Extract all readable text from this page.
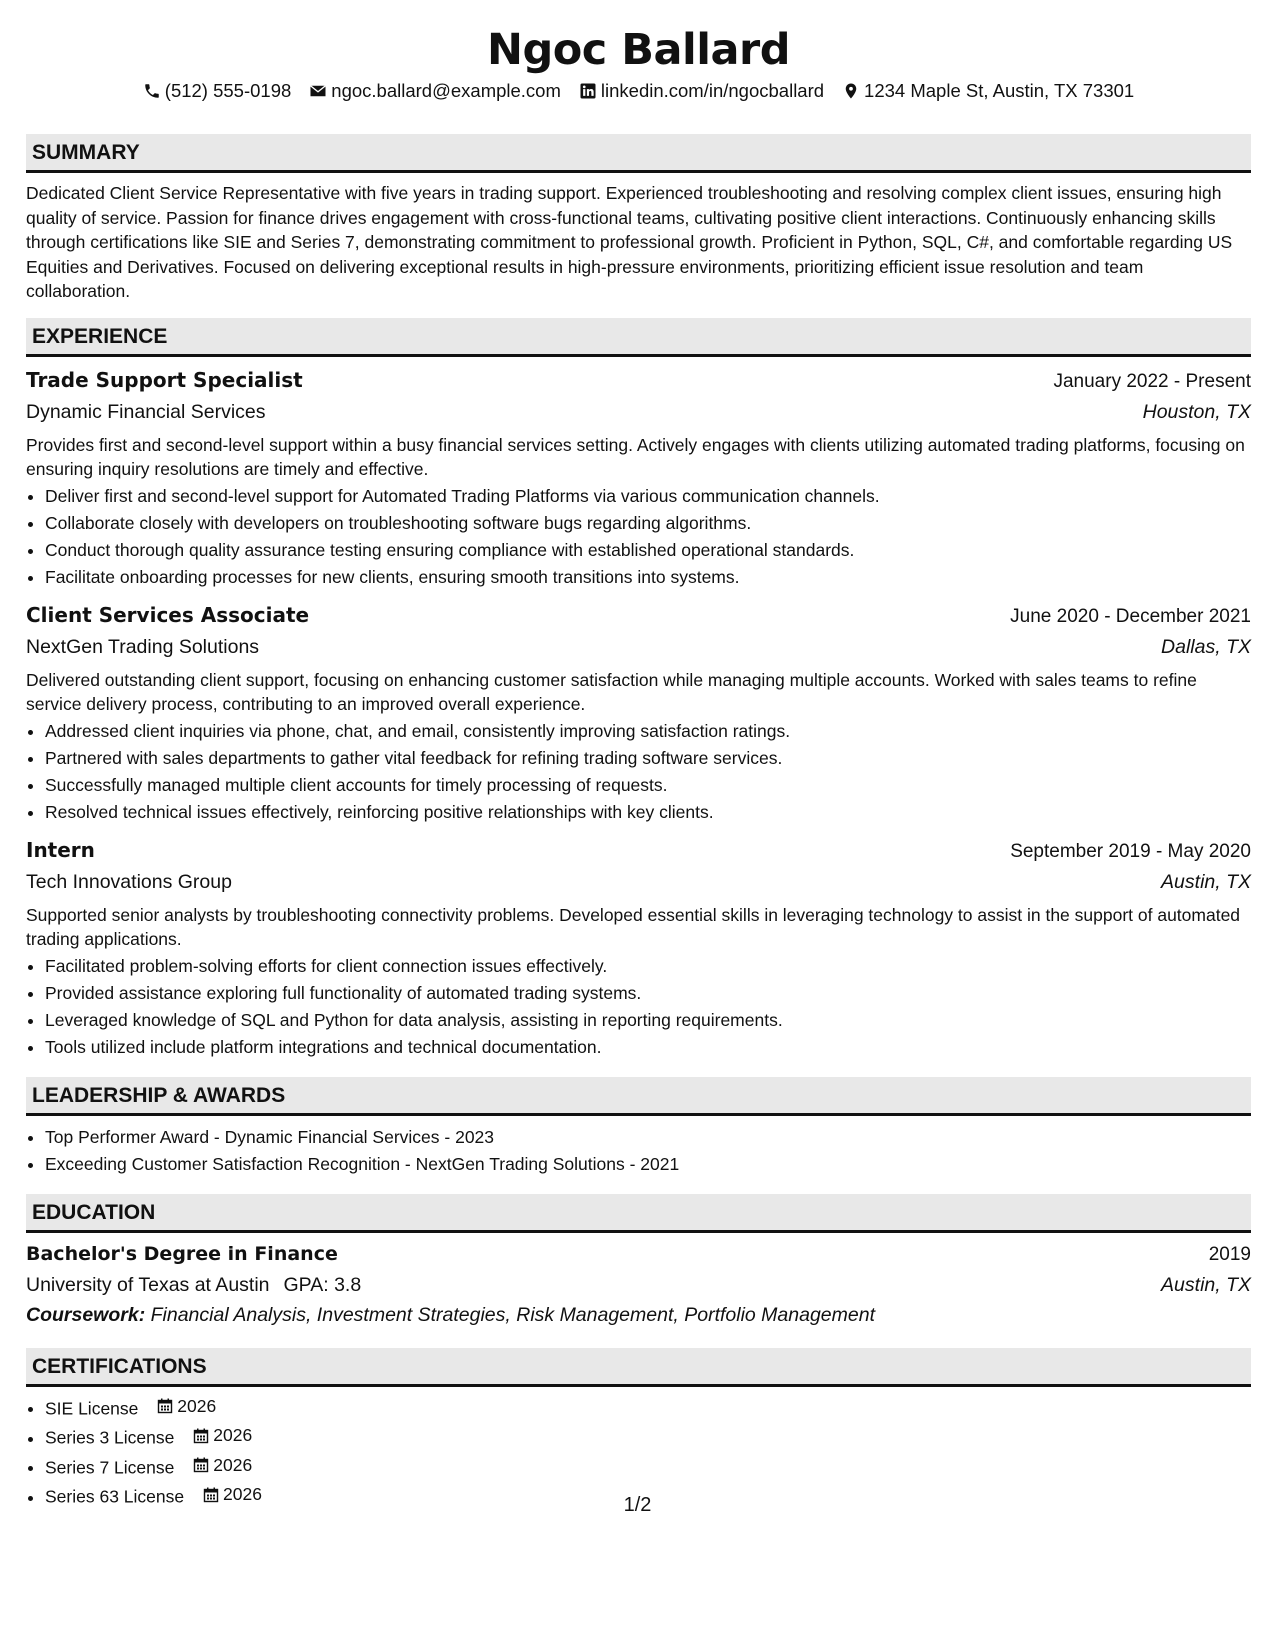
Ngoc Ballard
(512) 555-0198 ngoc.ballard@example.com linkedin.com/in/ngocballard 1234 Maple St, Austin, TX 73301
SUMMARY
Dedicated Client Service Representative with five years in trading support. Experienced troubleshooting and resolving complex client issues, ensuring high quality of service. Passion for finance drives engagement with cross-functional teams, cultivating positive client interactions. Continuously enhancing skills through certifications like SIE and Series 7, demonstrating commitment to professional growth. Proficient in Python, SQL, C#, and comfortable regarding US Equities and Derivatives. Focused on delivering exceptional results in high-pressure environments, prioritizing efficient issue resolution and team collaboration.
EXPERIENCE
Trade Support Specialist	January 2022 - Present
Dynamic Financial Services	Houston, TX
Provides first and second-level support within a busy financial services setting. Actively engages with clients utilizing automated trading platforms, focusing on ensuring inquiry resolutions are timely and effective.
• Deliver first and second-level support for Automated Trading Platforms via various communication channels.
• Collaborate closely with developers on troubleshooting software bugs regarding algorithms.
• Conduct thorough quality assurance testing ensuring compliance with established operational standards.
• Facilitate onboarding processes for new clients, ensuring smooth transitions into systems.
Client Services Associate	June 2020 - December 2021
NextGen Trading Solutions	Dallas, TX
Delivered outstanding client support, focusing on enhancing customer satisfaction while managing multiple accounts. Worked with sales teams to refine service delivery process, contributing to an improved overall experience.
• Addressed client inquiries via phone, chat, and email, consistently improving satisfaction ratings.
• Partnered with sales departments to gather vital feedback for refining trading software services.
• Successfully managed multiple client accounts for timely processing of requests.
• Resolved technical issues effectively, reinforcing positive relationships with key clients.
Intern	September 2019 - May 2020
Tech Innovations Group	Austin, TX
Supported senior analysts by troubleshooting connectivity problems. Developed essential skills in leveraging technology to assist in the support of automated trading applications.
• Facilitated problem-solving efforts for client connection issues effectively.
• Provided assistance exploring full functionality of automated trading systems.
• Leveraged knowledge of SQL and Python for data analysis, assisting in reporting requirements.
• Tools utilized include platform integrations and technical documentation.
LEADERSHIP & AWARDS
• Top Performer Award - Dynamic Financial Services - 2023
• Exceeding Customer Satisfaction Recognition - NextGen Trading Solutions - 2021
EDUCATION
Bachelor's Degree in Finance	2019
University of Texas at Austin GPA: 3.8	Austin, TX
Coursework: Financial Analysis, Investment Strategies, Risk Management, Portfolio Management
CERTIFICATIONS
• SIE License 2026
• Series 3 License 2026
• Series 7 License 2026
• Series 63 License 2026	1/2
